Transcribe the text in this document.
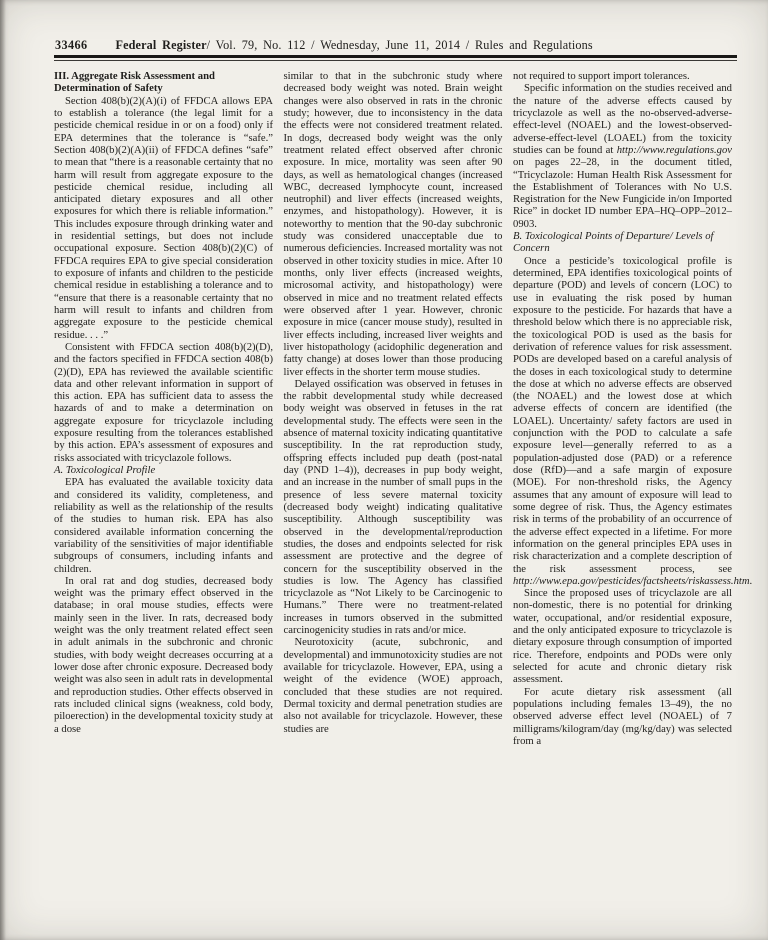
33466 Federal Register/ Vol. 79, No. 112 / Wednesday, June 11, 2014 / Rules and Regulations

III. Aggregate Risk Assessment and Determination of Safety

Section 408(b)(2)(A)(i) of FFDCA allows EPA to establish a tolerance (the legal limit for a pesticide chemical residue in or on a food) only if EPA determines that the tolerance is “safe.” Section 408(b)(2)(A)(ii) of FFDCA defines “safe” to mean that “there is a reasonable certainty that no harm will result from aggregate exposure to the pesticide chemical residue, including all anticipated dietary exposures and all other exposures for which there is reliable information.” This includes exposure through drinking water and in residential settings, but does not include occupational exposure. Section 408(b)(2)(C) of FFDCA requires EPA to give special consideration to exposure of infants and children to the pesticide chemical residue in establishing a tolerance and to “ensure that there is a reasonable certainty that no harm will result to infants and children from aggregate exposure to the pesticide chemical residue. . . .”

Consistent with FFDCA section 408(b)(2)(D), and the factors specified in FFDCA section 408(b)(2)(D), EPA has reviewed the available scientific data and other relevant information in support of this action. EPA has sufficient data to assess the hazards of and to make a determination on aggregate exposure for tricyclazole including exposure resulting from the tolerances established by this action. EPA’s assessment of exposures and risks associated with tricyclazole follows.

A. Toxicological Profile

EPA has evaluated the available toxicity data and considered its validity, completeness, and reliability as well as the relationship of the results of the studies to human risk. EPA has also considered available information concerning the variability of the sensitivities of major identifiable subgroups of consumers, including infants and children.

In oral rat and dog studies, decreased body weight was the primary effect observed in the database; in oral mouse studies, effects were mainly seen in the liver. In rats, decreased body weight was the only treatment related effect seen in adult animals in the subchronic and chronic studies, with body weight decreases occurring at a lower dose after chronic exposure. Decreased body weight was also seen in adult rats in developmental and reproduction studies. Other effects observed in rats included clinical signs (weakness, cold body, piloerection) in the developmental toxicity study at a dose

similar to that in the subchronic study where decreased body weight was noted. Brain weight changes were also observed in rats in the chronic study; however, due to inconsistency in the data the effects were not considered treatment related. In dogs, decreased body weight was the only treatment related effect observed after chronic exposure. In mice, mortality was seen after 90 days, as well as hematological changes (increased WBC, decreased lymphocyte count, increased neutrophil) and liver effects (increased weights, enzymes, and histopathology). However, it is noteworthy to mention that the 90-day subchronic study was considered unacceptable due to numerous deficiencies. Increased mortality was not observed in other toxicity studies in mice. After 10 months, only liver effects (increased weights, microsomal activity, and histopathology) were observed in mice and no treatment related effects were observed after 1 year. However, chronic exposure in mice (cancer mouse study), resulted in liver effects including, increased liver weights and liver histopathology (acidophilic degeneration and fatty change) at doses lower than those producing liver effects in the shorter term mouse studies.

Delayed ossification was observed in fetuses in the rabbit developmental study while decreased body weight was observed in fetuses in the rat developmental study. The effects were seen in the absence of maternal toxicity indicating quantitative susceptibility. In the rat reproduction study, offspring effects included pup death (post-natal day (PND 1–4)), decreases in pup body weight, and an increase in the number of small pups in the presence of less severe maternal toxicity (decreased body weight) indicating qualitative susceptibility. Although susceptibility was observed in the developmental/reproduction studies, the doses and endpoints selected for risk assessment are protective and the degree of concern for the susceptibility observed in the studies is low. The Agency has classified tricyclazole as “Not Likely to be Carcinogenic to Humans.” There were no treatment-related increases in tumors observed in the submitted carcinogenicity studies in rats and/or mice.

Neurotoxicity (acute, subchronic, and developmental) and immunotoxicity studies are not available for tricyclazole. However, EPA, using a weight of the evidence (WOE) approach, concluded that these studies are not required. Dermal toxicity and dermal penetration studies are also not available for tricyclazole. However, these studies are

not required to support import tolerances.

Specific information on the studies received and the nature of the adverse effects caused by tricyclazole as well as the no-observed-adverse-effect-level (NOAEL) and the lowest-observed-adverse-effect-level (LOAEL) from the toxicity studies can be found at http://www.regulations.gov on pages 22–28, in the document titled, “Tricyclazole: Human Health Risk Assessment for the Establishment of Tolerances with No U.S. Registration for the New Fungicide in/on Imported Rice” in docket ID number EPA–HQ–OPP–2012–0903.

B. Toxicological Points of Departure/ Levels of Concern

Once a pesticide’s toxicological profile is determined, EPA identifies toxicological points of departure (POD) and levels of concern (LOC) to use in evaluating the risk posed by human exposure to the pesticide. For hazards that have a threshold below which there is no appreciable risk, the toxicological POD is used as the basis for derivation of reference values for risk assessment. PODs are developed based on a careful analysis of the doses in each toxicological study to determine the dose at which no adverse effects are observed (the NOAEL) and the lowest dose at which adverse effects of concern are identified (the LOAEL). Uncertainty/ safety factors are used in conjunction with the POD to calculate a safe exposure level—generally referred to as a population-adjusted dose (PAD) or a reference dose (RfD)—and a safe margin of exposure (MOE). For non-threshold risks, the Agency assumes that any amount of exposure will lead to some degree of risk. Thus, the Agency estimates risk in terms of the probability of an occurrence of the adverse effect expected in a lifetime. For more information on the general principles EPA uses in risk characterization and a complete description of the risk assessment process, see http://www.epa.gov/pesticides/factsheets/riskassess.htm.

Since the proposed uses of tricyclazole are all non-domestic, there is no potential for drinking water, occupational, and/or residential exposure, and the only anticipated exposure to tricyclazole is dietary exposure through consumption of imported rice. Therefore, endpoints and PODs were only selected for acute and chronic dietary risk assessment.

For acute dietary risk assessment (all populations including females 13–49), the no observed adverse effect level (NOAEL) of 7 milligrams/kilogram/day (mg/kg/day) was selected from a
